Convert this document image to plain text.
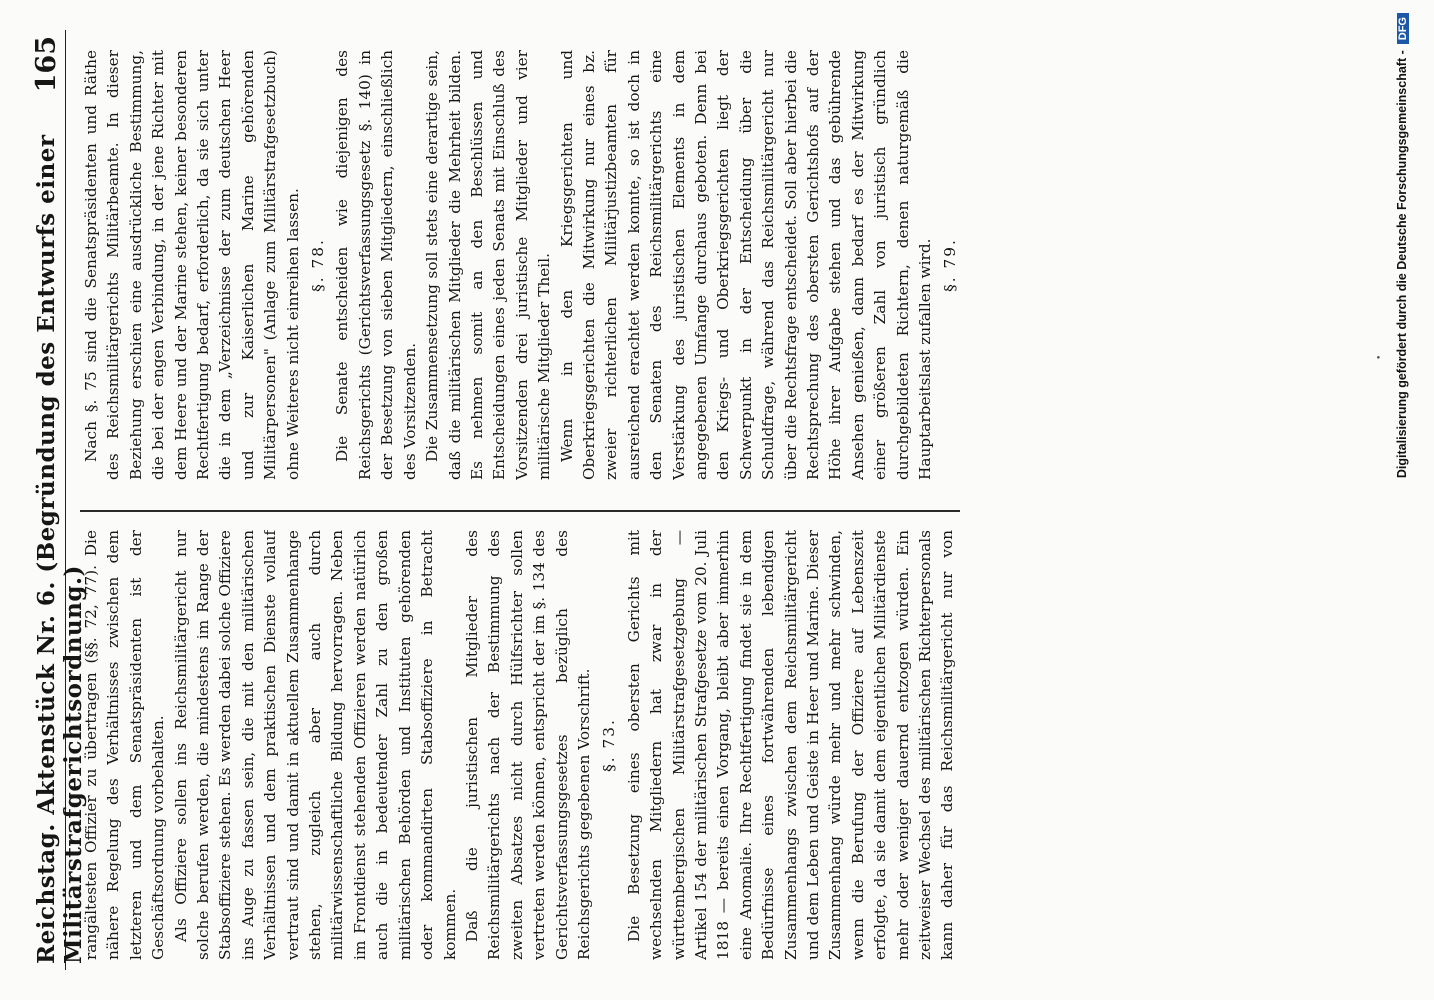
Reichstag. Aktenstück Nr. 6. (Begründung des Entwurfs einer Militärstrafgerichtsordnung.)
165

rangältesten Offizier zu übertragen (§§. 72, 77). Die nähere Regelung des Verhältnisses zwischen dem letzteren und dem Senatspräsidenten ist der Geschäftsordnung vorbehalten. Als Offiziere sollen ins Reichsmilitärgericht nur solche berufen werden, die mindestens im Range der Stabsoffiziere stehen. Es werden dabei solche Offiziere ins Auge zu fassen sein, die mit den militärischen Verhältnissen und dem praktischen Dienste vollauf vertraut sind und damit in aktuellem Zusammenhange stehen, zugleich aber auch durch militärwissenschaftliche Bildung hervorragen. Neben im Frontdienst stehenden Offizieren werden natürlich auch die in bedeutender Zahl zu den großen militärischen Behörden und Instituten gehörenden oder kommandirten Stabsoffiziere in Betracht kommen. Daß die juristischen Mitglieder des Reichsmilitärgerichts nach der Bestimmung des zweiten Absatzes nicht durch Hülfsrichter sollen vertreten werden können, entspricht der im §. 134 des Gerichtsverfassungsgesetzes bezüglich des Reichsgerichts gegebenen Vorschrift. §. 73.

Die Besetzung eines obersten Gerichts mit wechselnden Mitgliedern hat zwar in der württembergischen Militärstrafgesetzgebung — Artikel 154 der militärischen Strafgesetze vom 20. Juli 1818 — bereits einen Vorgang, bleibt aber immerhin eine Anomalie. Ihre Rechtfertigung findet sie in dem Bedürfnisse eines fortwährenden lebendigen Zusammenhangs zwischen dem Reichsmilitärgericht und dem Leben und Geiste in Heer und Marine. Dieser Zusammenhang würde mehr und mehr schwinden, wenn die Berufung der Offiziere auf Lebenszeit erfolgte, da sie damit dem eigentlichen Militärdienste mehr oder weniger dauernd entzogen würden. Ein zeitweiser Wechsel des militärischen Richterpersonals kann daher für das Reichsmilitärgericht nur von

Nach §. 75 sind die Senatspräsidenten und Räthe des Reichsmilitärgerichts Militärbeamte. In dieser Beziehung erschien eine ausdrückliche Bestimmung, die bei der engen Verbindung, in der jene Richter mit dem Heere und der Marine stehen, keiner besonderen Rechtfertigung bedarf, erforderlich, da sie sich unter die in dem „Verzeichnisse der zum deutschen Heer und zur Kaiserlichen Marine gehörenden Militärpersonen" (Anlage zum Militärstrafgesetzbuch) ohne Weiteres nicht einreihen lassen. §. 78. Die Senate entscheiden wie diejenigen des Reichsgerichts (Gerichtsverfassungsgesetz §. 140) in der Besetzung von sieben Mitgliedern, einschließlich des Vorsitzenden. Die Zusammensetzung soll stets eine derartige sein, daß die militärischen Mitglieder die Mehrheit bilden. Es nehmen somit an den Beschlüssen und Entscheidungen eines jeden Senats mit Einschluß des Vorsitzenden drei juristische Mitglieder und vier militärische Mitglieder Theil. Wenn in den Kriegsgerichten und Oberkriegsgerichten die Mitwirkung nur eines bz. zweier richterlichen Militärjustizbeamten für ausreichend erachtet werden konnte, so ist doch in den Senaten des Reichsmilitärgerichts eine Verstärkung des juristischen Elements in dem angegebenen Umfange durchaus geboten. Denn bei den Kriegs- und Oberkriegsgerichten liegt der Schwerpunkt in der Entscheidung über die Schuldfrage, während das Reichsmilitärgericht nur über die Rechtsfrage entscheidet. Soll aber hierbei die Rechtsprechung des obersten Gerichtshofs auf der Höhe ihrer Aufgabe stehen und das gebührende Ansehen genießen, dann bedarf es der Mitwirkung einer größeren Zahl von juristisch gründlich durchgebildeten Richtern, denen naturgemäß die Hauptarbeitslast zufallen wird. §. 79.	Digitalisierung gefördert durch die Deutsche Forschungsgemeinschaft -DFG
•
